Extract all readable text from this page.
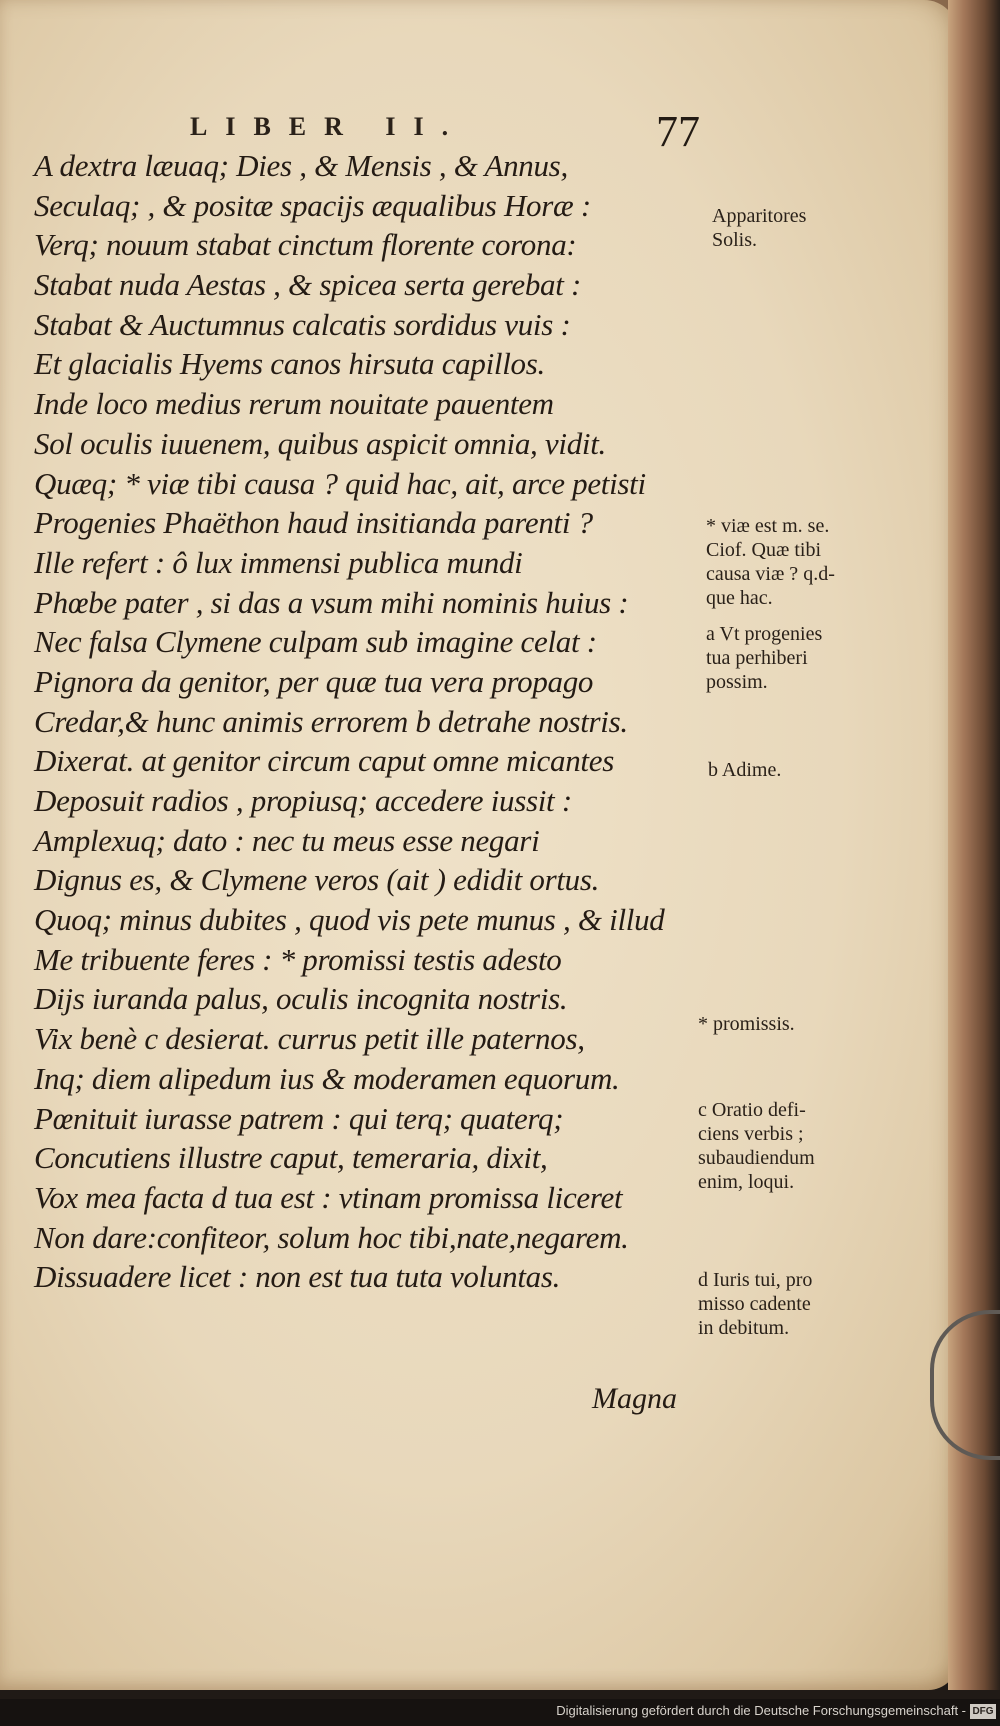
LIBER II.	77
A dextra læuaq; Dies , & Mensis , & Annus,
Seculaq; , & positæ spacijs æqualibus Horæ :
Verq; nouum stabat cinctum florente corona:
Stabat nuda Aestas , & spicea serta gerebat :
Stabat & Auctumnus calcatis sordidus vuis :
Et glacialis Hyems canos hirsuta capillos.
Inde loco medius rerum nouitate pauentem
Sol oculis iuuenem, quibus aspicit omnia, vidit.
Quæq; * viæ tibi causa ? quid hac, ait, arce petisti
Progenies Phaëthon haud insitianda parenti ?
Ille refert : ô lux immensi publica mundi
Phœbe pater , si das a vsum mihi nominis huius :
Nec falsa Clymene culpam sub imagine celat :
Pignora da genitor, per quæ tua vera propago
Credar,& hunc animis errorem b detrahe nostris.
Dixerat. at genitor circum caput omne micantes
Deposuit radios , propiusq; accedere iussit :
Amplexuq; dato : nec tu meus esse negari
Dignus es, & Clymene veros (ait ) edidit ortus.
Quoq; minus dubites , quod vis pete munus , & illud
Me tribuente feres : * promissi testis adesto
Dijs iuranda palus, oculis incognita nostris.
Vix benè c desierat. currus petit ille paternos,
Inq; diem alipedum ius & moderamen equorum.
Pœnituit iurasse patrem : qui terq; quaterq;
Concutiens illustre caput, temeraria, dixit,
Vox mea facta d tua est : vtinam promissa liceret
Non dare:confiteor, solum hoc tibi,nate,negarem.
Dissuadere licet : non est tua tuta voluntas.
Magna
Apparitores
Solis.
* viæ est m. se.
Ciof. Quæ tibi
causa viæ ? q.d-
que hac.
a Vt progenies
tua perhiberi
possim.
b Adime.
* promissis.
c Oratio defi-
ciens verbis ;
subaudiendum
enim, loqui.
d Iuris tui, pro
misso cadente
in debitum.
Digitalisierung gefördert durch die Deutsche Forschungsgemeinschaft - DFG
